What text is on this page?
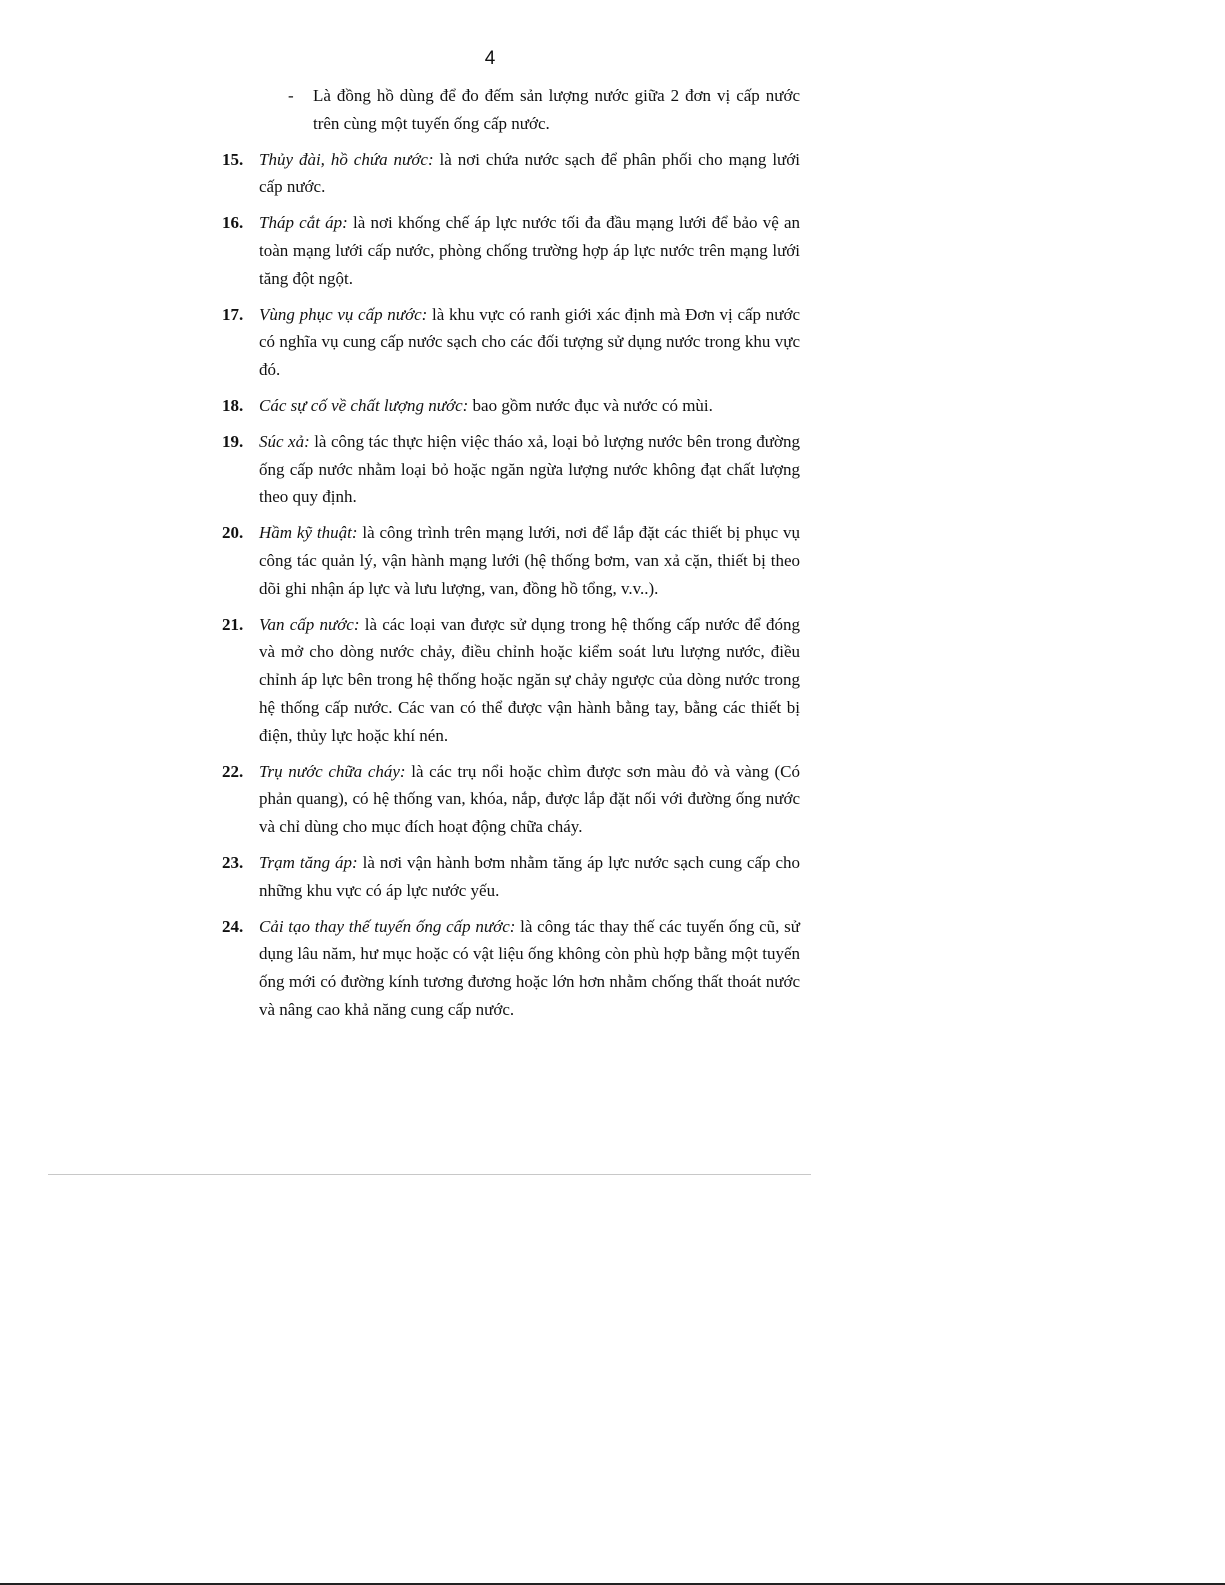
4
-	Là đồng hồ dùng để đo đếm sản lượng nước giữa 2 đơn vị cấp nước trên cùng một tuyến ống cấp nước.
15. Thủy đài, hồ chứa nước: là nơi chứa nước sạch để phân phối cho mạng lưới cấp nước.
16. Tháp cắt áp: là nơi khống chế áp lực nước tối đa đầu mạng lưới để bảo vệ an toàn mạng lưới cấp nước, phòng chống trường hợp áp lực nước trên mạng lưới tăng đột ngột.
17. Vùng phục vụ cấp nước: là khu vực có ranh giới xác định mà Đơn vị cấp nước có nghĩa vụ cung cấp nước sạch cho các đối tượng sử dụng nước trong khu vực đó.
18. Các sự cố về chất lượng nước: bao gồm nước đục và nước có mùi.
19. Súc xả: là công tác thực hiện việc tháo xả, loại bỏ lượng nước bên trong đường ống cấp nước nhằm loại bỏ hoặc ngăn ngừa lượng nước không đạt chất lượng theo quy định.
20. Hầm kỹ thuật: là công trình trên mạng lưới, nơi để lắp đặt các thiết bị phục vụ công tác quản lý, vận hành mạng lưới (hệ thống bơm, van xả cặn, thiết bị theo dõi ghi nhận áp lực và lưu lượng, van, đồng hồ tổng, v.v..).
21. Van cấp nước: là các loại van được sử dụng trong hệ thống cấp nước để đóng và mở cho dòng nước chảy, điều chỉnh hoặc kiểm soát lưu lượng nước, điều chỉnh áp lực bên trong hệ thống hoặc ngăn sự chảy ngược của dòng nước trong hệ thống cấp nước. Các van có thể được vận hành bằng tay, bằng các thiết bị điện, thủy lực hoặc khí nén.
22. Trụ nước chữa cháy: là các trụ nổi hoặc chìm được sơn màu đỏ và vàng (Có phản quang), có hệ thống van, khóa, nắp, được lắp đặt nối với đường ống nước và chỉ dùng cho mục đích hoạt động chữa cháy.
23. Trạm tăng áp: là nơi vận hành bơm nhằm tăng áp lực nước sạch cung cấp cho những khu vực có áp lực nước yếu.
24. Cải tạo thay thế tuyến ống cấp nước: là công tác thay thế các tuyến ống cũ, sử dụng lâu năm, hư mục hoặc có vật liệu ống không còn phù hợp bằng một tuyến ống mới có đường kính tương đương hoặc lớn hơn nhằm chống thất thoát nước và nâng cao khả năng cung cấp nước.
